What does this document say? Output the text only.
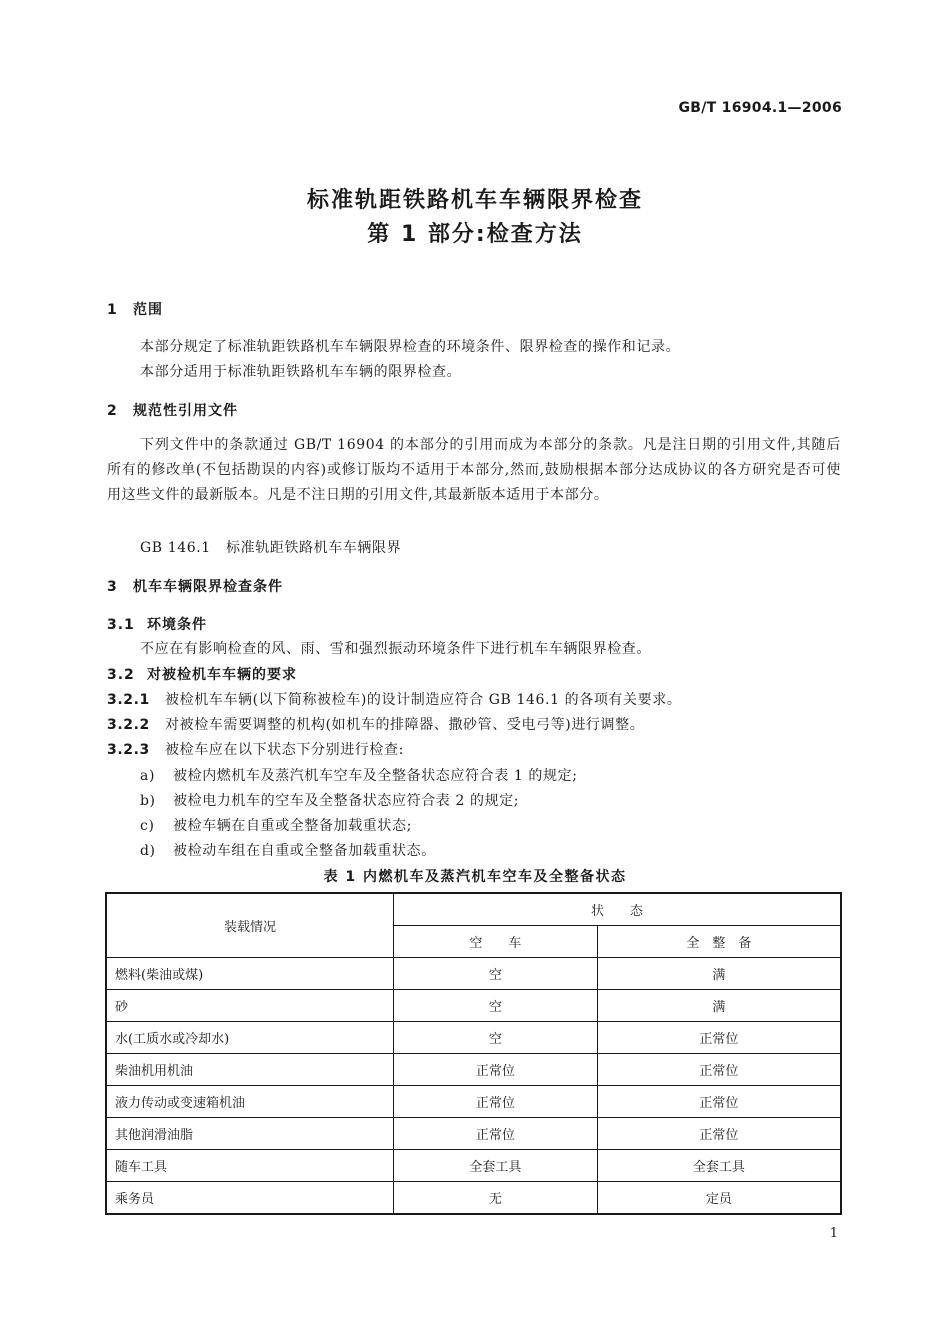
GB/T 16904.1—2006
标准轨距铁路机车车辆限界检查
第 1 部分:检查方法
1 范围
本部分规定了标准轨距铁路机车车辆限界检查的环境条件、限界检查的操作和记录。
本部分适用于标准轨距铁路机车车辆的限界检查。
2 规范性引用文件
下列文件中的条款通过 GB/T 16904 的本部分的引用而成为本部分的条款。凡是注日期的引用文件,其随后所有的修改单(不包括勘误的内容)或修订版均不适用于本部分,然而,鼓励根据本部分达成协议的各方研究是否可使用这些文件的最新版本。凡是不注日期的引用文件,其最新版本适用于本部分。
GB 146.1 标准轨距铁路机车车辆限界
3 机车车辆限界检查条件
3.1 环境条件
不应在有影响检查的风、雨、雪和强烈振动环境条件下进行机车车辆限界检查。
3.2 对被检机车车辆的要求
3.2.1 被检机车车辆(以下简称被检车)的设计制造应符合 GB 146.1 的各项有关要求。
3.2.2 对被检车需要调整的机构(如机车的排障器、撒砂管、受电弓等)进行调整。
3.2.3 被检车应在以下状态下分别进行检查:
a) 被检内燃机车及蒸汽机车空车及全整备状态应符合表 1 的规定;
b) 被检电力机车的空车及全整备状态应符合表 2 的规定;
c) 被检车辆在自重或全整备加载重状态;
d) 被检动车组在自重或全整备加载重状态。
表 1 内燃机车及蒸汽机车空车及全整备状态
装载情况	状　　态	
	空　　车	全　整　备
燃料(柴油或煤)	空	满
砂	空	满
水(工质水或冷却水)	空	正常位
柴油机用机油	正常位	正常位
液力传动或变速箱机油	正常位	正常位
其他润滑油脂	正常位	正常位
随车工具	全套工具	全套工具
乘务员	无	定员
1
